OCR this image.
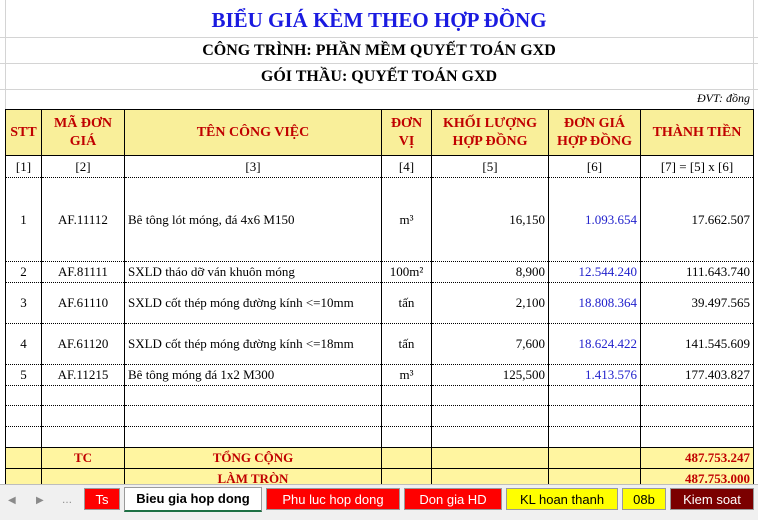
BIỂU GIÁ KÈM THEO HỢP ĐỒNG
CÔNG TRÌNH: PHẦN MỀM QUYẾT TOÁN GXD
GÓI THẦU: QUYẾT TOÁN GXD
ĐVT: đồng
STT	MÃ ĐƠN GIÁ	TÊN CÔNG VIỆC	ĐƠN VỊ	KHỐI LƯỢNG HỢP ĐỒNG	ĐƠN GIÁ HỢP ĐỒNG	THÀNH TIỀN
[1]	[2]	[3]	[4]	[5]	[6]	[7] = [5] x [6]
1	AF.11112	Bê tông lót móng, đá 4x6 M150	m³	16,150	1.093.654	17.662.507
2	AF.81111	SXLD tháo dỡ ván khuôn móng	100m²	8,900	12.544.240	111.643.740
3	AF.61110	SXLD cốt thép móng đường kính <=10mm	tấn	2,100	18.808.364	39.497.565
4	AF.61120	SXLD cốt thép móng đường kính <=18mm	tấn	7,600	18.624.422	141.545.609
5	AF.11215	Bê tông móng đá 1x2 M300	m³	125,500	1.413.576	177.403.827

	TC	TỔNG CỘNG				487.753.247
		LÀM TRÒN				487.753.000
◀ ▶ …	Ts	Bieu gia hop dong	Phu luc hop dong	Don gia HD	KL hoan thanh	08b	Kiem soat
